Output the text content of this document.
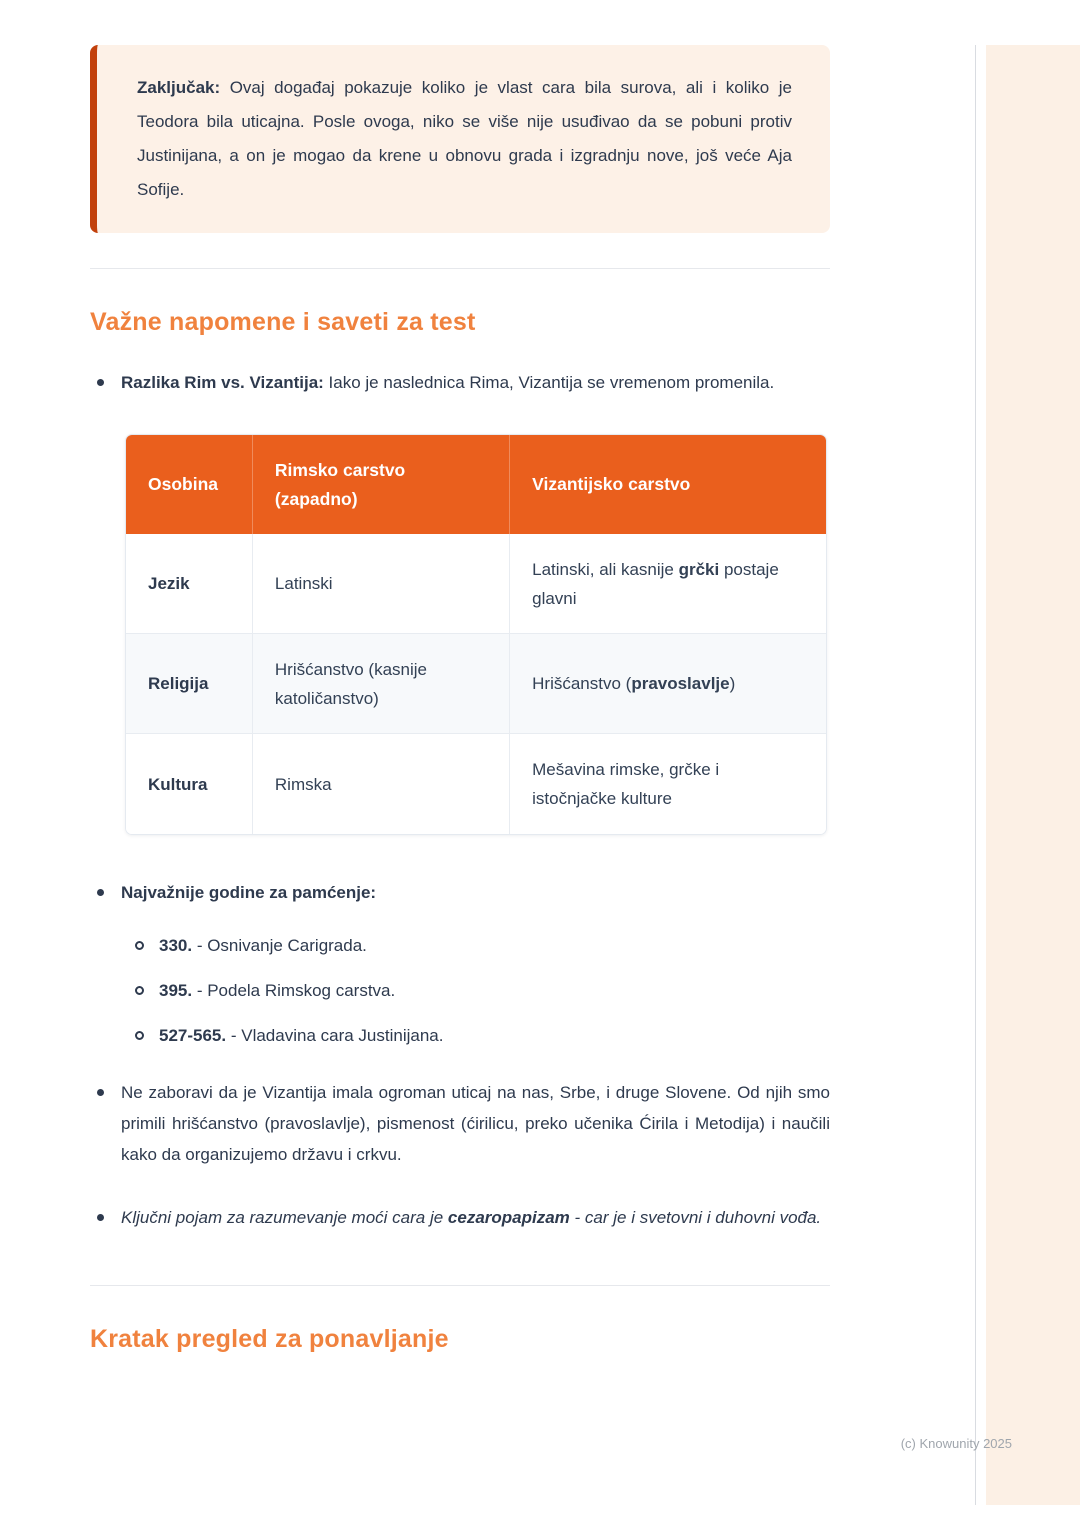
Zaključak: Ovaj događaj pokazuje koliko je vlast cara bila surova, ali i koliko je Teodora bila uticajna. Posle ovoga, niko se više nije usuđivao da se pobuni protiv Justinijana, a on je mogao da krene u obnovu grada i izgradnju nove, još veće Aja Sofije.

Važne napomene i saveti za test

Razlika Rim vs. Vizantija: Iako je naslednica Rima, Vizantija se vremenom promenila.

Osobina	Rimsko carstvo (zapadno)	Vizantijsko carstvo
Jezik	Latinski	Latinski, ali kasnije grčki postaje glavni
Religija	Hrišćanstvo (kasnije katoličanstvo)	Hrišćanstvo (pravoslavlje)
Kultura	Rimska	Mešavina rimske, grčke i istočnjačke kulture

Najvažnije godine za pamćenje:

330. - Osnivanje Carigrada.

395. - Podela Rimskog carstva.

527-565. - Vladavina cara Justinijana.

Ne zaboravi da je Vizantija imala ogroman uticaj na nas, Srbe, i druge Slovene. Od njih smo primili hrišćanstvo (pravoslavlje), pismenost (ćirilicu, preko učenika Ćirila i Metodija) i naučili kako da organizujemo državu i crkvu.

Ključni pojam za razumevanje moći cara je cezaropapizam - car je i svetovni i duhovni vođa.

Kratak pregled za ponavljanje
(c) Knowunity 2025
